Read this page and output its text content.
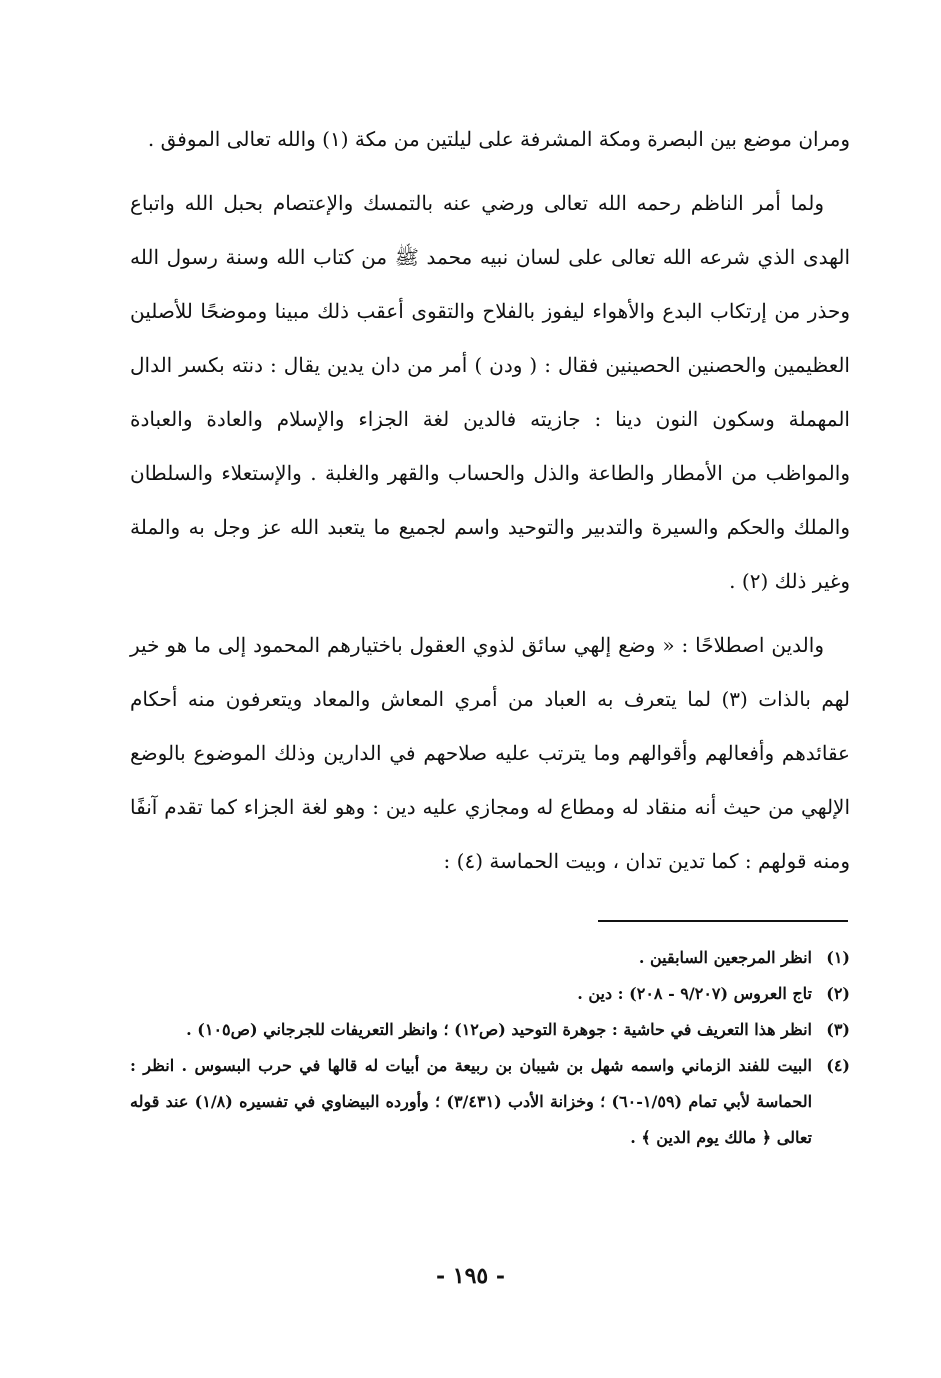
ومران موضع بين البصرة ومكة المشرفة على ليلتين من مكة (١) والله تعالى الموفق .

ولما أمر الناظم رحمه الله تعالى ورضي عنه بالتمسك والإعتصام بحبل الله واتباع الهدى الذي شرعه الله تعالى على لسان نبيه محمد ﷺ من كتاب الله وسنة رسول الله وحذر من إرتكاب البدع والأهواء ليفوز بالفلاح والتقوى أعقب ذلك مبينا وموضحًا للأصلين العظيمين والحصنين الحصينين فقال : ( ودن ) أمر من دان يدين يقال : دنته بكسر الدال المهملة وسكون النون دينا : جازيته فالدين لغة الجزاء والإسلام والعادة والعبادة والمواظب من الأمطار والطاعة والذل والحساب والقهر والغلبة . والإستعلاء والسلطان والملك والحكم والسيرة والتدبير والتوحيد واسم لجميع ما يتعبد الله عز وجل به والملة وغير ذلك (٢) .

والدين اصطلاحًا : « وضع إلهي سائق لذوي العقول باختيارهم المحمود إلى ما هو خير لهم بالذات (٣) لما يتعرف به العباد من أمري المعاش والمعاد ويتعرفون منه أحكام عقائدهم وأفعالهم وأقوالهم وما يترتب عليه صلاحهم في الدارين وذلك الموضوع بالوضع الإلهي من حيث أنه منقاد له ومطاع له ومجازي عليه دين : وهو لغة الجزاء كما تقدم آنفًا ومنه قولهم : كما تدين تدان ، وبيت الحماسة (٤) :

(١)
انظر المرجعين السابقين .
(٢)
تاج العروس (٩/٢٠٧ - ٢٠٨) : دين .
(٣)
انظر هذا التعريف في حاشية : جوهرة التوحيد (ص١٢) ؛ وانظر التعريفات للجرجاني (ص١٠٥) .
(٤)
البيت للفند الزماني واسمه شهل بن شيبان بن ربيعة من أبيات له قالها في حرب البسوس . انظر : الحماسة لأبي تمام (١/٥٩-٦٠) ؛ وخزانة الأدب (٣/٤٣١) ؛ وأورده البيضاوي في تفسيره (١/٨) عند قوله تعالى ﴿ مالك يوم الدين ﴾ .
- ١٩٥ -
